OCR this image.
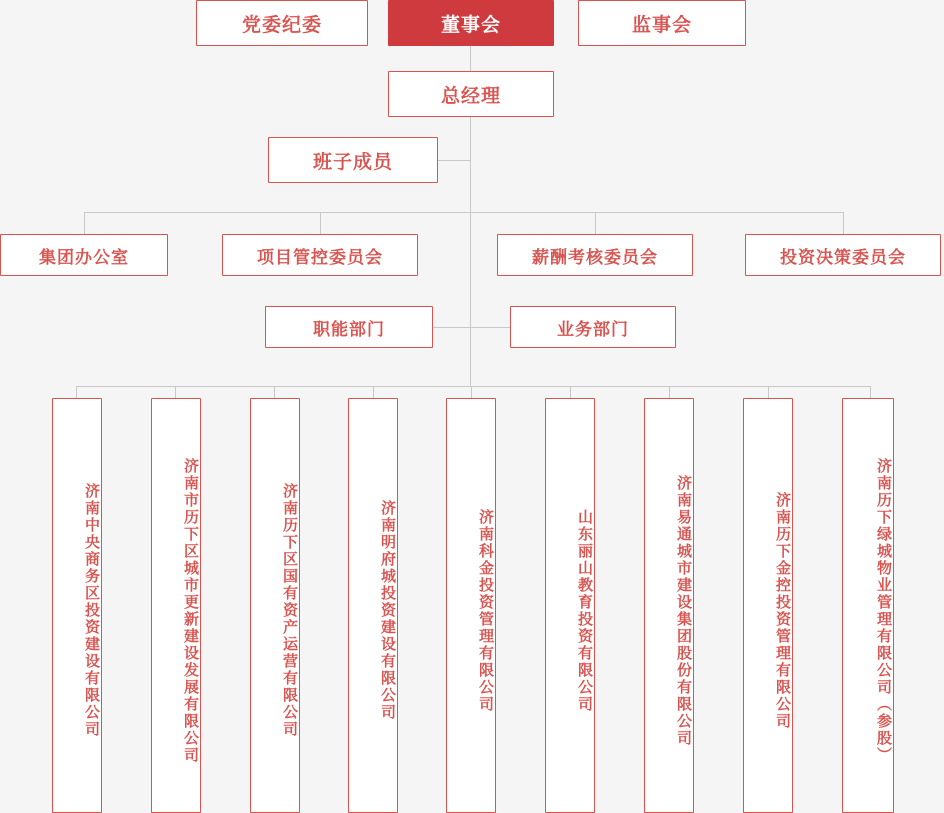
党委纪委	董事会	监事会
总经理
班子成员
集团办公室	项目管控委员会	薪酬考核委员会	投资决策委员会
职能部门	业务部门
济南中央商务区投资建设有限公司	济南市历下区城市更新建设发展有限公司	济南历下区国有资产运营有限公司	济南明府城投资建设有限公司	济南科金投资管理有限公司	山东丽山教育投资有限公司	济南易通城市建设集团股份有限公司	济南历下金控投资管理有限公司	济南历下绿城物业管理有限公司（参股）
